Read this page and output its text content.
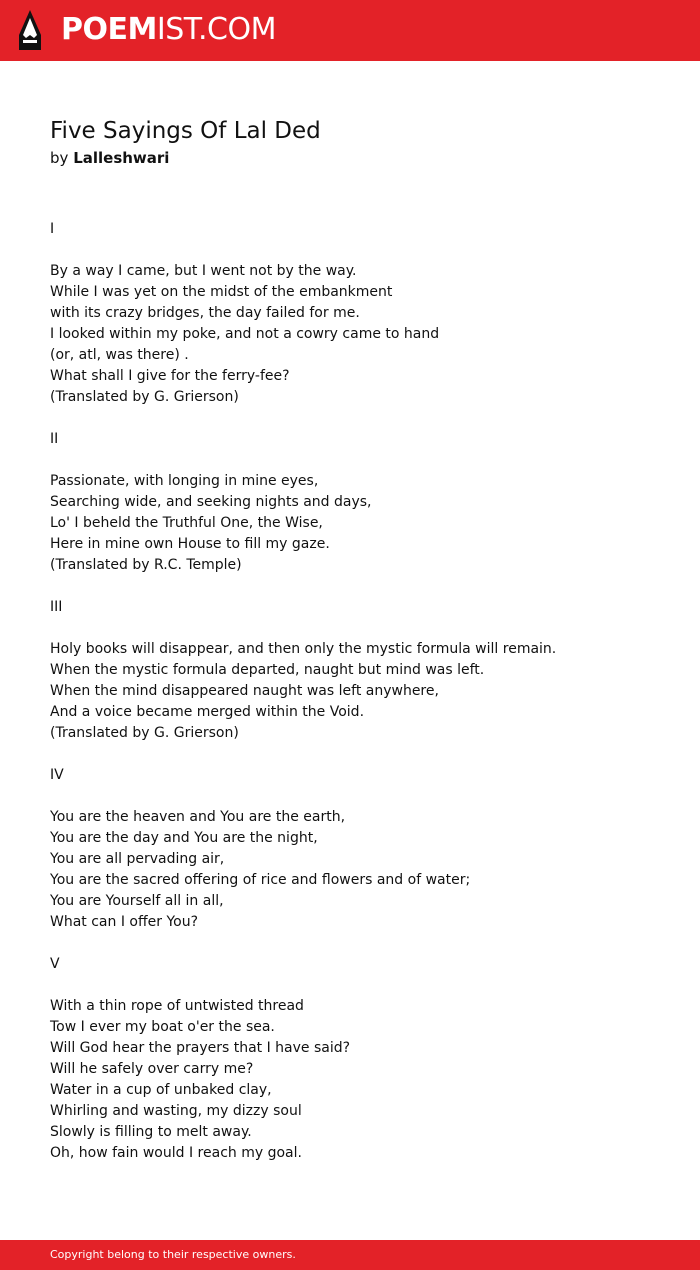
POEMIST.COM
Five Sayings Of Lal Ded
by Lalleshwari
I
By a way I came, but I went not by the way.
While I was yet on the midst of the embankment
with its crazy bridges, the day failed for me.
I looked within my poke, and not a cowry came to hand
(or, atl, was there) .
What shall I give for the ferry-fee?
(Translated by G. Grierson)
II
Passionate, with longing in mine eyes,
Searching wide, and seeking nights and days,
Lo' I beheld the Truthful One, the Wise,
Here in mine own House to fill my gaze.
(Translated by R.C. Temple)
III
Holy books will disappear, and then only the mystic formula will remain.
When the mystic formula departed, naught but mind was left.
When the mind disappeared naught was left anywhere,
And a voice became merged within the Void.
(Translated by G. Grierson)
IV
You are the heaven and You are the earth,
You are the day and You are the night,
You are all pervading air,
You are the sacred offering of rice and flowers and of water;
You are Yourself all in all,
What can I offer You?
V
With a thin rope of untwisted thread
Tow I ever my boat o'er the sea.
Will God hear the prayers that I have said?
Will he safely over carry me?
Water in a cup of unbaked clay,
Whirling and wasting, my dizzy soul
Slowly is filling to melt away.
Oh, how fain would I reach my goal.
Copyright belong to their respective owners.
